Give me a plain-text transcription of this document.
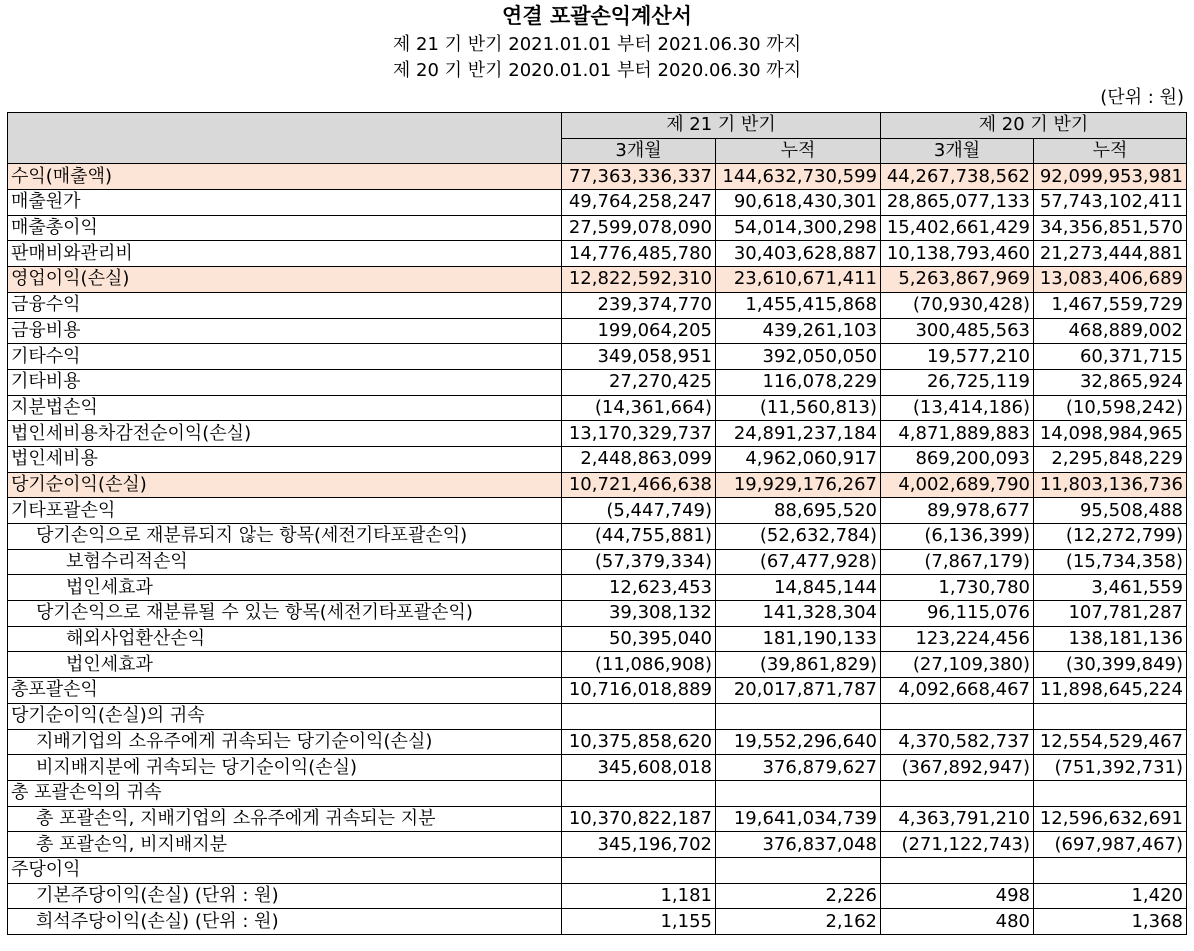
연결 포괄손익계산서
제 21 기 반기 2021.01.01 부터 2021.06.30 까지
제 20 기 반기 2020.01.01 부터 2020.06.30 까지
(단위 : 원)
	제 21 기 반기		제 20 기 반기	
	3개월	누적	3개월	누적
수익(매출액)	77,363,336,337	144,632,730,599	44,267,738,562	92,099,953,981
매출원가	49,764,258,247	90,618,430,301	28,865,077,133	57,743,102,411
매출총이익	27,599,078,090	54,014,300,298	15,402,661,429	34,356,851,570
판매비와관리비	14,776,485,780	30,403,628,887	10,138,793,460	21,273,444,881
영업이익(손실)	12,822,592,310	23,610,671,411	5,263,867,969	13,083,406,689
금융수익	239,374,770	1,455,415,868	(70,930,428)	1,467,559,729
금융비용	199,064,205	439,261,103	300,485,563	468,889,002
기타수익	349,058,951	392,050,050	19,577,210	60,371,715
기타비용	27,270,425	116,078,229	26,725,119	32,865,924
지분법손익	(14,361,664)	(11,560,813)	(13,414,186)	(10,598,242)
법인세비용차감전순이익(손실)	13,170,329,737	24,891,237,184	4,871,889,883	14,098,984,965
법인세비용	2,448,863,099	4,962,060,917	869,200,093	2,295,848,229
당기순이익(손실)	10,721,466,638	19,929,176,267	4,002,689,790	11,803,136,736
기타포괄손익	(5,447,749)	88,695,520	89,978,677	95,508,488
당기손익으로 재분류되지 않는 항목(세전기타포괄손익)	(44,755,881)	(52,632,784)	(6,136,399)	(12,272,799)
보험수리적손익	(57,379,334)	(67,477,928)	(7,867,179)	(15,734,358)
법인세효과	12,623,453	14,845,144	1,730,780	3,461,559
당기손익으로 재분류될 수 있는 항목(세전기타포괄손익)	39,308,132	141,328,304	96,115,076	107,781,287
해외사업환산손익	50,395,040	181,190,133	123,224,456	138,181,136
법인세효과	(11,086,908)	(39,861,829)	(27,109,380)	(30,399,849)
총포괄손익	10,716,018,889	20,017,871,787	4,092,668,467	11,898,645,224
당기순이익(손실)의 귀속				
지배기업의 소유주에게 귀속되는 당기순이익(손실)	10,375,858,620	19,552,296,640	4,370,582,737	12,554,529,467
비지배지분에 귀속되는 당기순이익(손실)	345,608,018	376,879,627	(367,892,947)	(751,392,731)
총 포괄손익의 귀속				
총 포괄손익, 지배기업의 소유주에게 귀속되는 지분	10,370,822,187	19,641,034,739	4,363,791,210	12,596,632,691
총 포괄손익, 비지배지분	345,196,702	376,837,048	(271,122,743)	(697,987,467)
주당이익				
기본주당이익(손실) (단위 : 원)	1,181	2,226	498	1,420
희석주당이익(손실) (단위 : 원)	1,155	2,162	480	1,368
